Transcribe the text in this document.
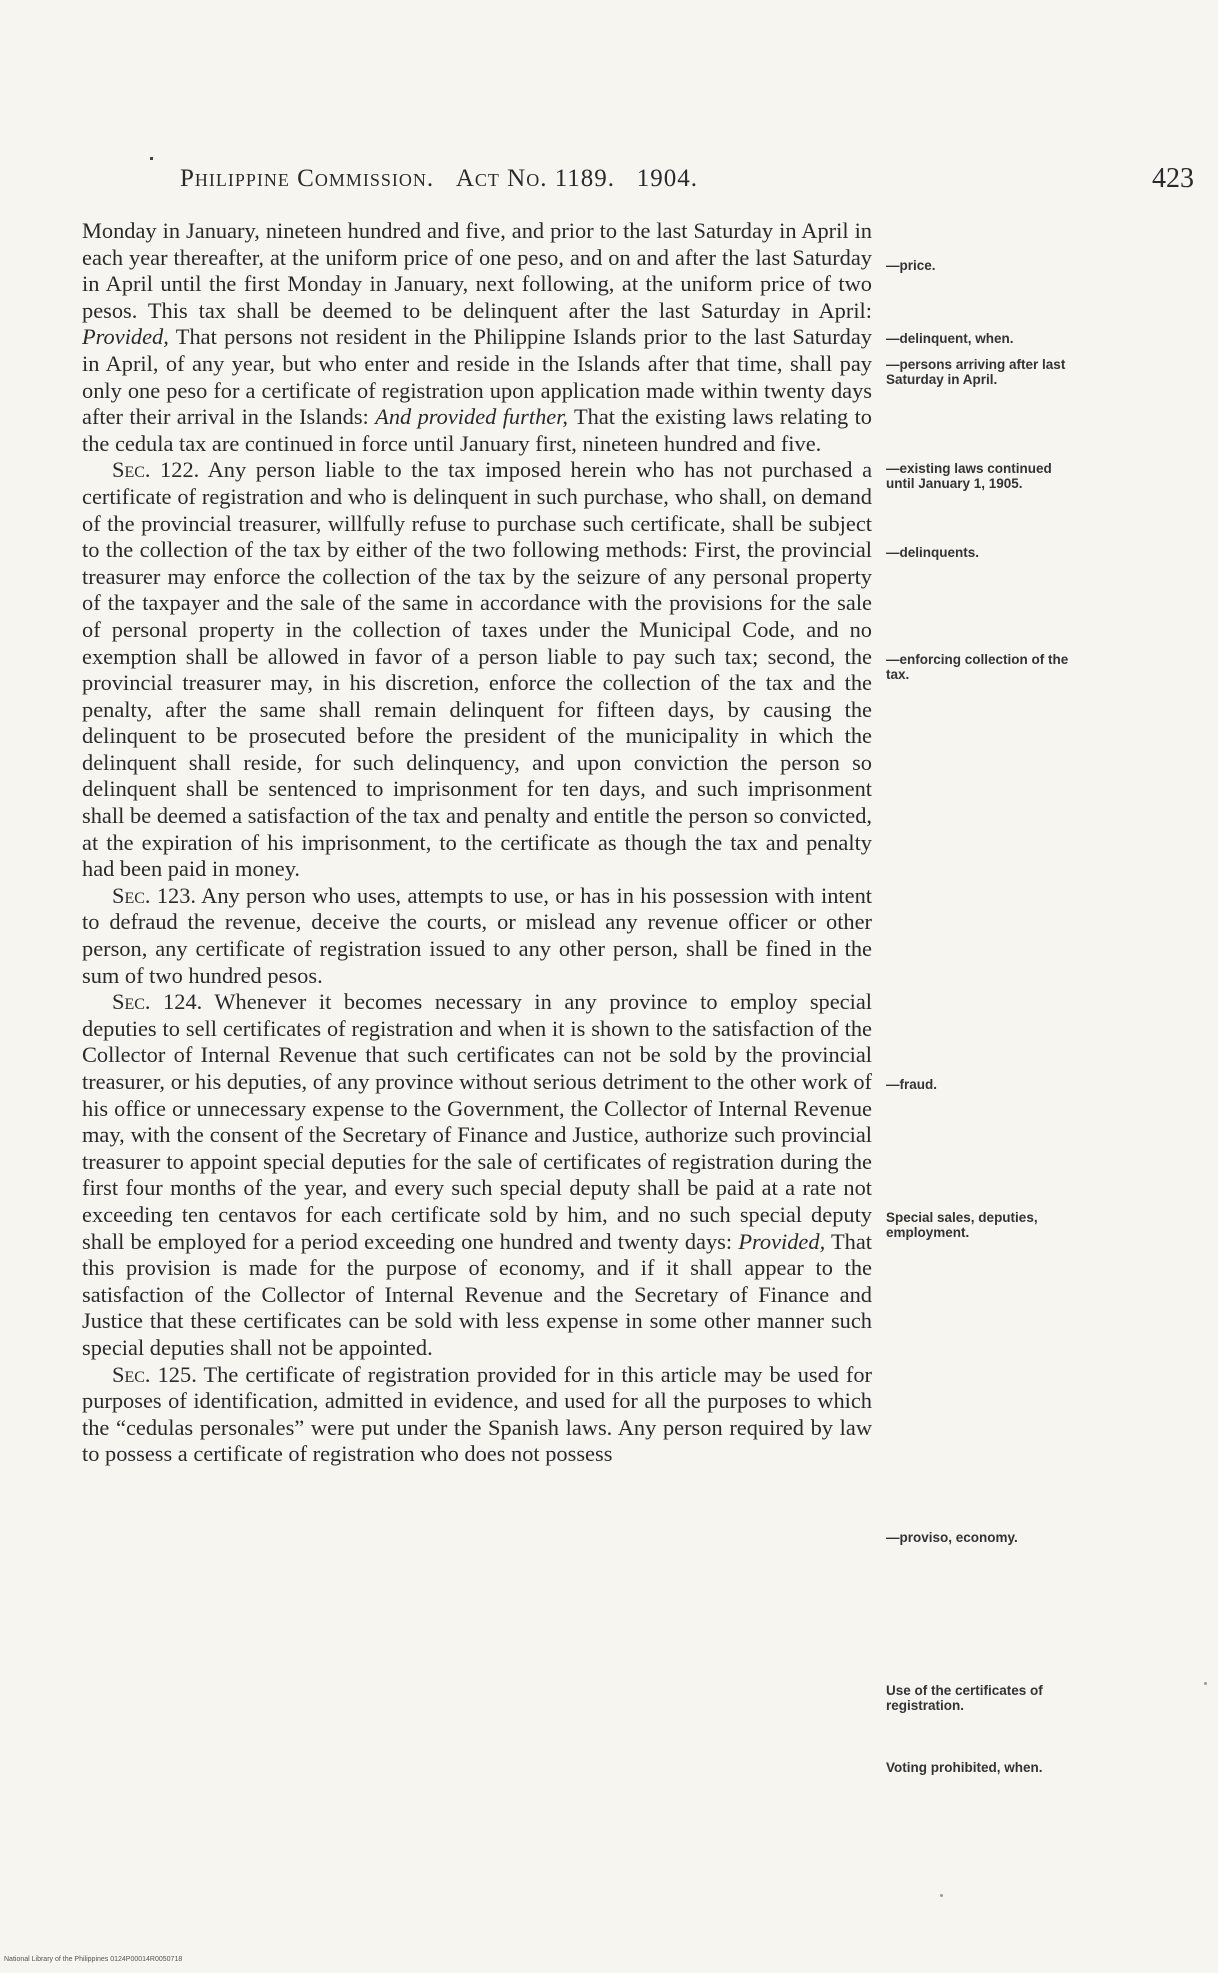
Philippine Commission. Act No. 1189. 1904.	423

Monday in January, nineteen hundred and five, and prior to the last Saturday in April in each year thereafter, at the uniform price of one peso, and on and after the last Saturday in April until the first Monday in January, next following, at the uniform price of two pesos. This tax shall be deemed to be delinquent after the last Saturday in April: Provided, That persons not resident in the Philippine Islands prior to the last Saturday in April, of any year, but who enter and reside in the Islands after that time, shall pay only one peso for a certificate of registration upon application made within twenty days after their arrival in the Islands: And provided further, That the existing laws relating to the cedula tax are continued in force until January first, nineteen hundred and five.

Sec. 122. Any person liable to the tax imposed herein who has not purchased a certificate of registration and who is delinquent in such purchase, who shall, on demand of the provincial treasurer, willfully refuse to purchase such certificate, shall be subject to the collection of the tax by either of the two following methods: First, the provincial treasurer may enforce the collection of the tax by the seizure of any personal property of the taxpayer and the sale of the same in accordance with the provisions for the sale of personal property in the collection of taxes under the Municipal Code, and no exemption shall be allowed in favor of a person liable to pay such tax; second, the provincial treasurer may, in his discretion, enforce the collection of the tax and the penalty, after the same shall remain delinquent for fifteen days, by causing the delinquent to be prosecuted before the president of the municipality in which the delinquent shall reside, for such delinquency, and upon conviction the person so delinquent shall be sentenced to imprisonment for ten days, and such imprisonment shall be deemed a satisfaction of the tax and penalty and entitle the person so convicted, at the expiration of his imprisonment, to the certificate as though the tax and penalty had been paid in money.

Sec. 123. Any person who uses, attempts to use, or has in his possession with intent to defraud the revenue, deceive the courts, or mislead any revenue officer or other person, any certificate of registration issued to any other person, shall be fined in the sum of two hundred pesos.

Sec. 124. Whenever it becomes necessary in any province to employ special deputies to sell certificates of registration and when it is shown to the satisfaction of the Collector of Internal Revenue that such certificates can not be sold by the provincial treasurer, or his deputies, of any province without serious detriment to the other work of his office or unnecessary expense to the Government, the Collector of Internal Revenue may, with the consent of the Secretary of Finance and Justice, authorize such provincial treasurer to appoint special deputies for the sale of certificates of registration during the first four months of the year, and every such special deputy shall be paid at a rate not exceeding ten centavos for each certificate sold by him, and no such special deputy shall be employed for a period exceeding one hundred and twenty days: Provided, That this provision is made for the purpose of economy, and if it shall appear to the satisfaction of the Collector of Internal Revenue and the Secretary of Finance and Justice that these certificates can be sold with less expense in some other manner such special deputies shall not be appointed.

Sec. 125. The certificate of registration provided for in this article may be used for purposes of identification, admitted in evidence, and used for all the purposes to which the “cedulas personales” were put under the Spanish laws. Any person required by law to possess a certificate of registration who does not possess

—price.
—delinquent, when.
—persons arriving after last Saturday in April.
—existing laws continued until January 1, 1905.
—delinquents.
—enforcing collection of the tax.
—fraud.
Special sales, deputies, employment.
—proviso, economy.
Use of the certificates of registration.
Voting prohibited, when.
National Library of the Philippines 0124P00014R0050718
